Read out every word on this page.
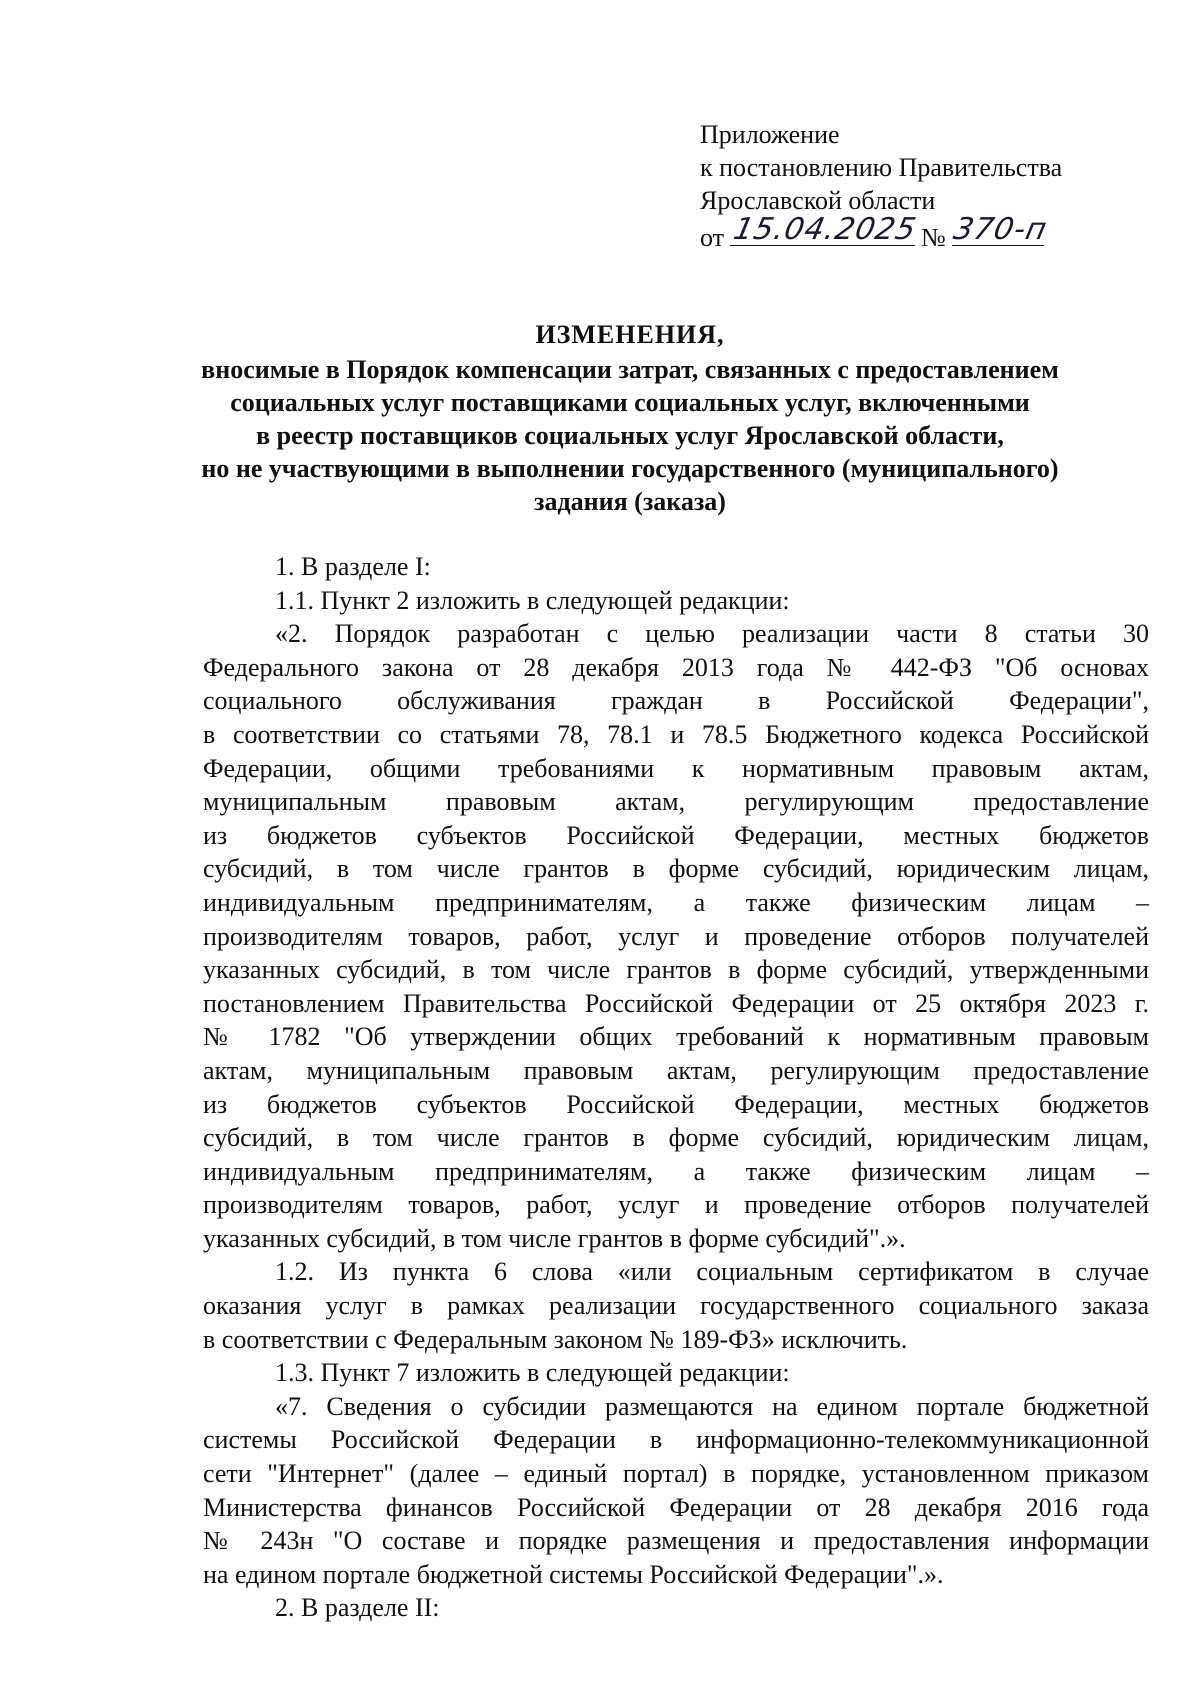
Приложение
к постановлению Правительства
Ярославской области
от 15.04.2025 № 370-п
ИЗМЕНЕНИЯ,
вносимые в Порядок компенсации затрат, связанных с предоставлением
социальных услуг поставщиками социальных услуг, включенными
в реестр поставщиков социальных услуг Ярославской области,
но не участвующими в выполнении государственного (муниципального)
задания (заказа)
1. В разделе I:
1.1. Пункт 2 изложить в следующей редакции:
«2. Порядок разработан с целью реализации части 8 статьи 30
Федерального закона от 28 декабря 2013 года № 442-ФЗ "Об основах
социального обслуживания граждан в Российской Федерации",
в соответствии со статьями 78, 78.1 и 78.5 Бюджетного кодекса Российской
Федерации, общими требованиями к нормативным правовым актам,
муниципальным правовым актам, регулирующим предоставление
из бюджетов субъектов Российской Федерации, местных бюджетов
субсидий, в том числе грантов в форме субсидий, юридическим лицам,
индивидуальным предпринимателям, а также физическим лицам –
производителям товаров, работ, услуг и проведение отборов получателей
указанных субсидий, в том числе грантов в форме субсидий, утвержденными
постановлением Правительства Российской Федерации от 25 октября 2023 г.
№ 1782 "Об утверждении общих требований к нормативным правовым
актам, муниципальным правовым актам, регулирующим предоставление
из бюджетов субъектов Российской Федерации, местных бюджетов
субсидий, в том числе грантов в форме субсидий, юридическим лицам,
индивидуальным предпринимателям, а также физическим лицам –
производителям товаров, работ, услуг и проведение отборов получателей
указанных субсидий, в том числе грантов в форме субсидий".».
1.2. Из пункта 6 слова «или социальным сертификатом в случае
оказания услуг в рамках реализации государственного социального заказа
в соответствии с Федеральным законом № 189-ФЗ» исключить.
1.3. Пункт 7 изложить в следующей редакции:
«7. Сведения о субсидии размещаются на едином портале бюджетной
системы Российской Федерации в информационно-телекоммуникационной
сети "Интернет" (далее – единый портал) в порядке, установленном приказом
Министерства финансов Российской Федерации от 28 декабря 2016 года
№ 243н "О составе и порядке размещения и предоставления информации
на едином портале бюджетной системы Российской Федерации".».
2. В разделе II:
